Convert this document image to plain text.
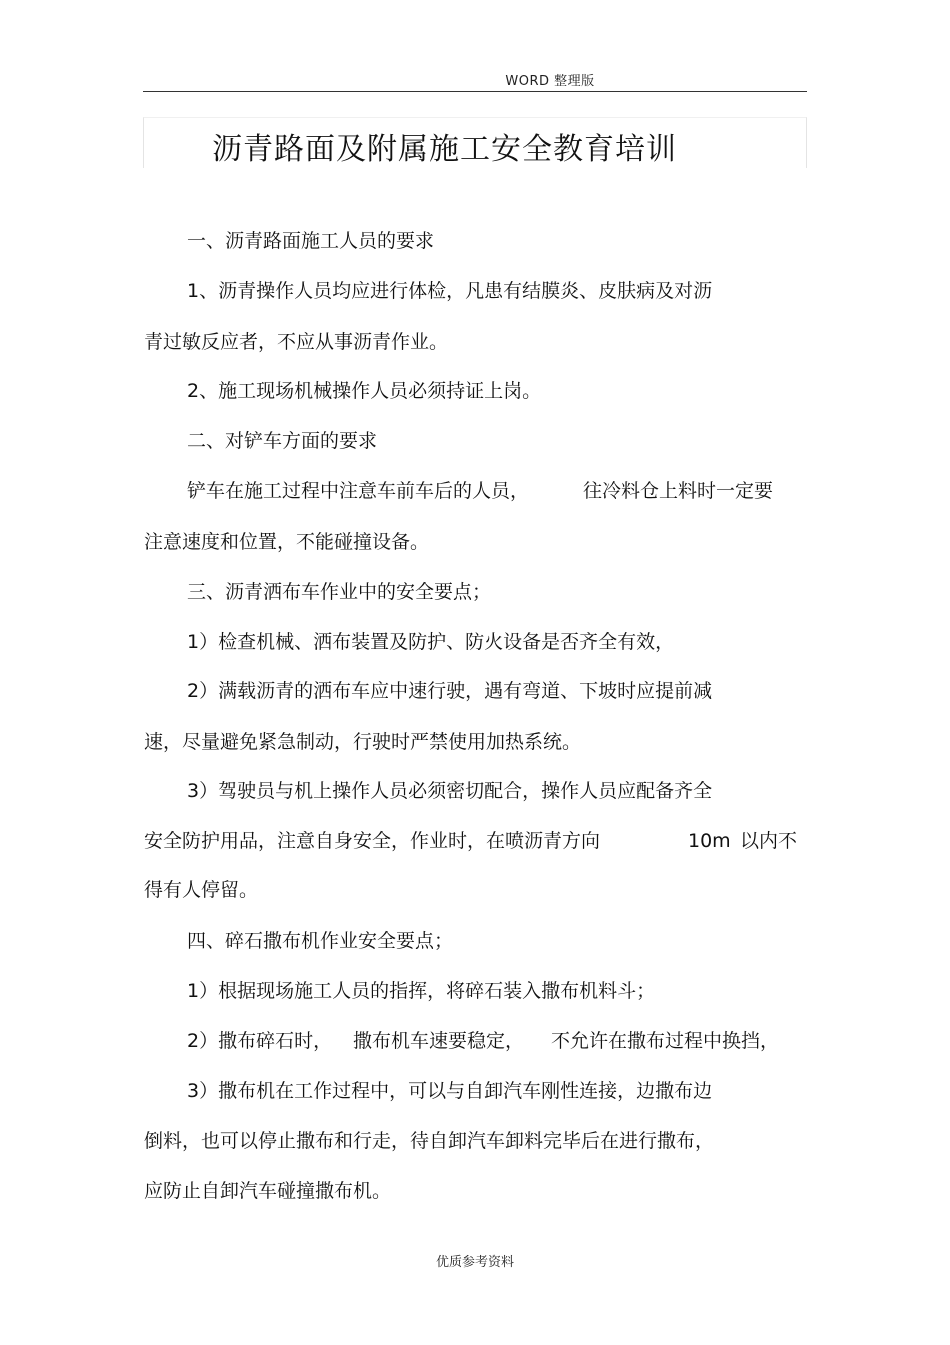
WORD 整理版
沥青路面及附属施工安全教育培训
一、沥青路面施工人员的要求
1、沥青操作人员均应进行体检，凡患有结膜炎、皮肤病及对沥
青过敏反应者，不应从事沥青作业。
2、施工现场机械操作人员必须持证上岗。
二、对铲车方面的要求
铲车在施工过程中注意车前车后的人员，	往冷料仓上料时一定要
注意速度和位置，不能碰撞设备。
三、沥青洒布车作业中的安全要点；
1）检查机械、洒布装置及防护、防火设备是否齐全有效，
2）满载沥青的洒布车应中速行驶，遇有弯道、下坡时应提前减
速，尽量避免紧急制动，行驶时严禁使用加热系统。
3）驾驶员与机上操作人员必须密切配合，操作人员应配备齐全
安全防护用品，注意自身安全，作业时，在喷沥青方向	10m 以内不
得有人停留。
四、碎石撒布机作业安全要点；
1）根据现场施工人员的指挥，将碎石装入撒布机料斗；
2）撒布碎石时， 撒布机车速要稳定， 不允许在撒布过程中换挡，
3）撒布机在工作过程中，可以与自卸汽车刚性连接，边撒布边
倒料，也可以停止撒布和行走，待自卸汽车卸料完毕后在进行撒布，
应防止自卸汽车碰撞撒布机。
优质参考资料
